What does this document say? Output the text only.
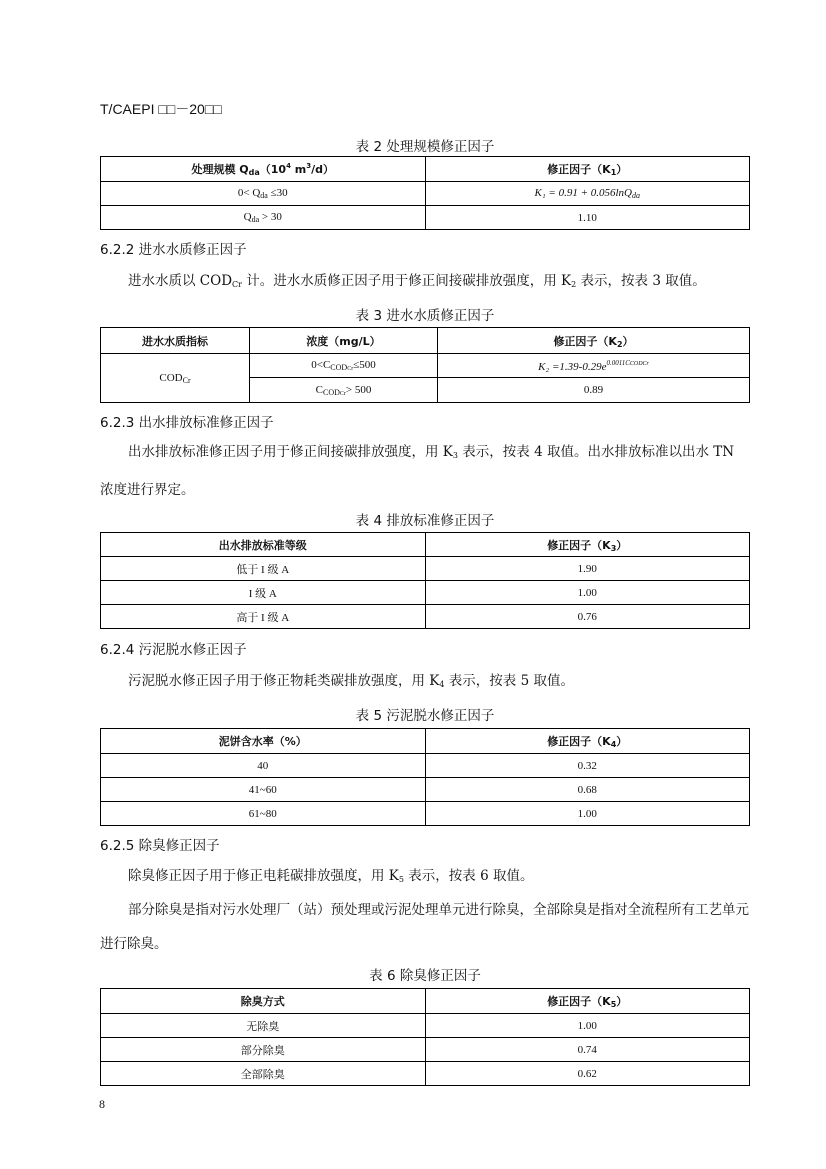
T/CAEPI □□－20□□
表 2 处理规模修正因子
处理规模 $Q_{da}(10^4$ $m^3/d$）	修正因子$(K_1)$
$0< Q_{da} \le 30$	K₁ = 0.91 + 0.056lnQ$_{da}$
$Q_{da} > 30$	1.10
6.2.2 进水水质修正因子
进水水质以 $COD_{Cr}$ 计。进水水质修正因子用于修正间接碳排放强度，用 $K_2$ 表示，按表 3 取值。
表 3 进水水质修正因子
进水水质指标	浓度（mg/L）	修正因子$(K_2)$
$COD_{Cr}$	$0<C_{CODCr}\le 500$	$K_2 =1.39-0.29e^{0.0011CCODCr}$
	$C_{CODCr}> 500$	0.89
6.2.3 出水排放标准修正因子
出水排放标准修正因子用于修正间接碳排放强度，用 $K_3$ 表示，按表 4 取值。出水排放标准以出水 TN 浓度进行界定。
表 4 排放标准修正因子
出水排放标准等级	修正因子$(K_3)$
低于 I 级 A	1.90
I 级 A	1.00
高于 I 级 A	0.76
6.2.4 污泥脱水修正因子
污泥脱水修正因子用于修正物耗类碳排放强度，用 $K_4$ 表示，按表 5 取值。
表 5 污泥脱水修正因子
泥饼含水率（%）	修正因子$(K_4)$
40	0.32
41~60	0.68
61~80	1.00
6.2.5 除臭修正因子
除臭修正因子用于修正电耗碳排放强度，用 $K_5$ 表示，按表 6 取值。
部分除臭是指对污水处理厂（站）预处理或污泥处理单元进行除臭，全部除臭是指对全流程所有工艺单元进行除臭。
表 6 除臭修正因子
除臭方式	修正因子$(K_5)$
无除臭	1.00
部分除臭	0.74
全部除臭	0.62
8
